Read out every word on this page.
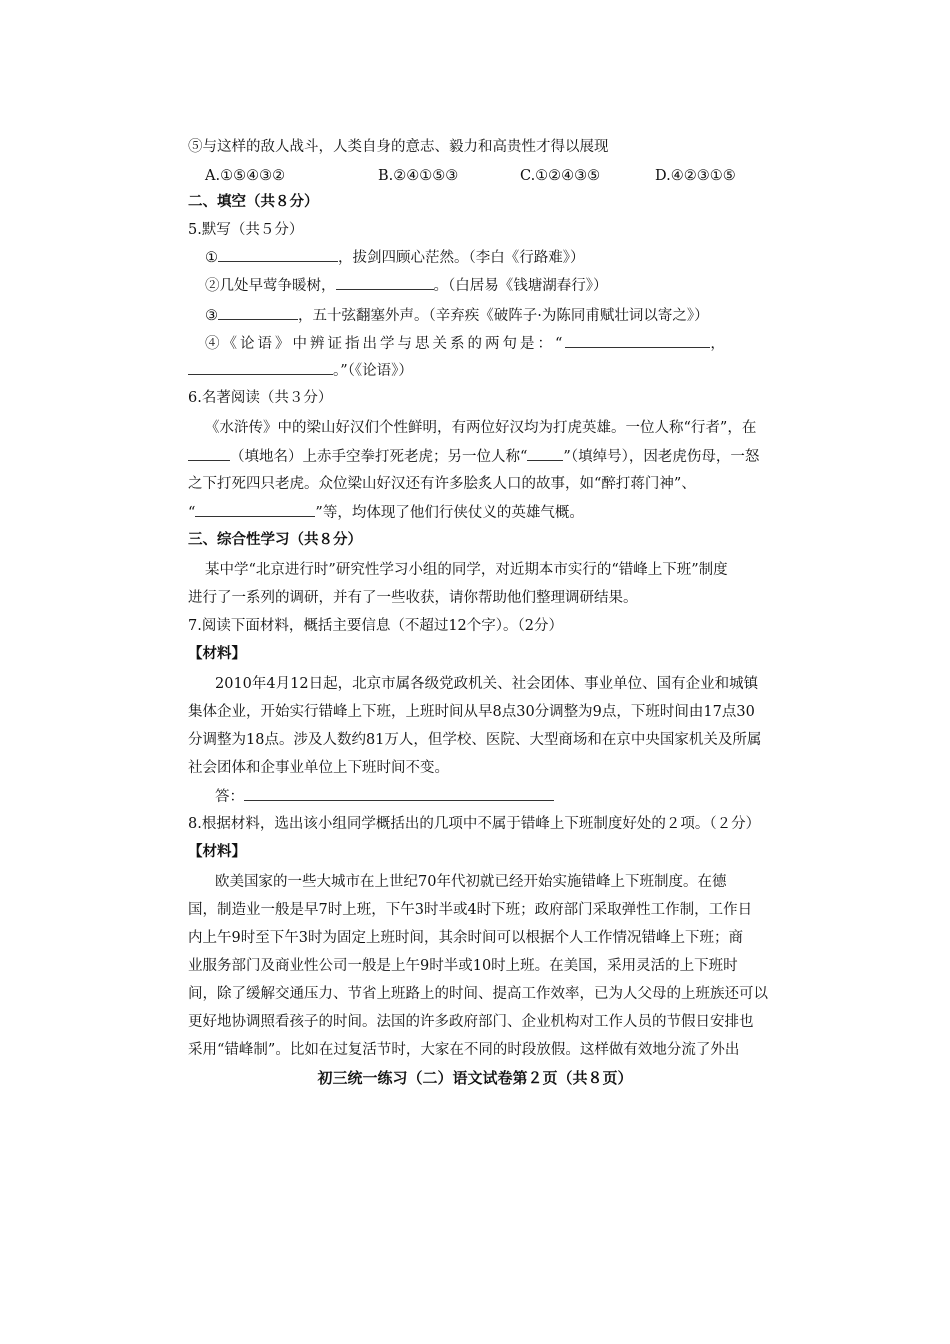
⑤与这样的敌人战斗，人类自身的意志、毅力和高贵性才得以展现
A.①⑤④③②	B.②④①⑤③	C.①②④③⑤	D.④②③①⑤
二、填空（共８分）
5.默写（共５分）
①	，拔剑四顾心茫然。（李白《行路难》）
②几处早莺争暖树，	。（白居易《钱塘湖春行》）
③	，五十弦翻塞外声。（辛弃疾《破阵子·为陈同甫赋壮词以寄之》）
④《论语》中辨证指出学与思关系的两句是：“	，
。”（《论语》）
6.名著阅读（共３分）
《水浒传》中的梁山好汉们个性鲜明，有两位好汉均为打虎英雄。一位人称“行者”，在
（填地名）上赤手空拳打死老虎；另一位人称“ ”（填绰号），因老虎伤母，一怒
之下打死四只老虎。众位梁山好汉还有许多脍炙人口的故事，如“醉打蒋门神”、
“	”等，均体现了他们行侠仗义的英雄气概。
三、综合性学习（共８分）
某中学“北京进行时”研究性学习小组的同学，对近期本市实行的“错峰上下班”制度
进行了一系列的调研，并有了一些收获，请你帮助他们整理调研结果。
7.阅读下面材料，概括主要信息（不超过12个字）。（2分）
【材料】
2010年4月12日起，北京市属各级党政机关、社会团体、事业单位、国有企业和城镇
集体企业，开始实行错峰上下班，上班时间从早8点30分调整为9点，下班时间由17点30
分调整为18点。涉及人数约81万人，但学校、医院、大型商场和在京中央国家机关及所属
社会团体和企事业单位上下班时间不变。
答：
8.根据材料，选出该小组同学概括出的几项中不属于错峰上下班制度好处的２项。（２分）
【材料】
欧美国家的一些大城市在上世纪70年代初就已经开始实施错峰上下班制度。在德
国，制造业一般是早7时上班，下午3时半或4时下班；政府部门采取弹性工作制，工作日
内上午9时至下午3时为固定上班时间，其余时间可以根据个人工作情况错峰上下班；商
业服务部门及商业性公司一般是上午9时半或10时上班。在美国，采用灵活的上下班时
间，除了缓解交通压力、节省上班路上的时间、提高工作效率，已为人父母的上班族还可以
更好地协调照看孩子的时间。法国的许多政府部门、企业机构对工作人员的节假日安排也
采用“错峰制”。比如在过复活节时，大家在不同的时段放假。这样做有效地分流了外出
初三统一练习（二）语文试卷第２页（共８页）
